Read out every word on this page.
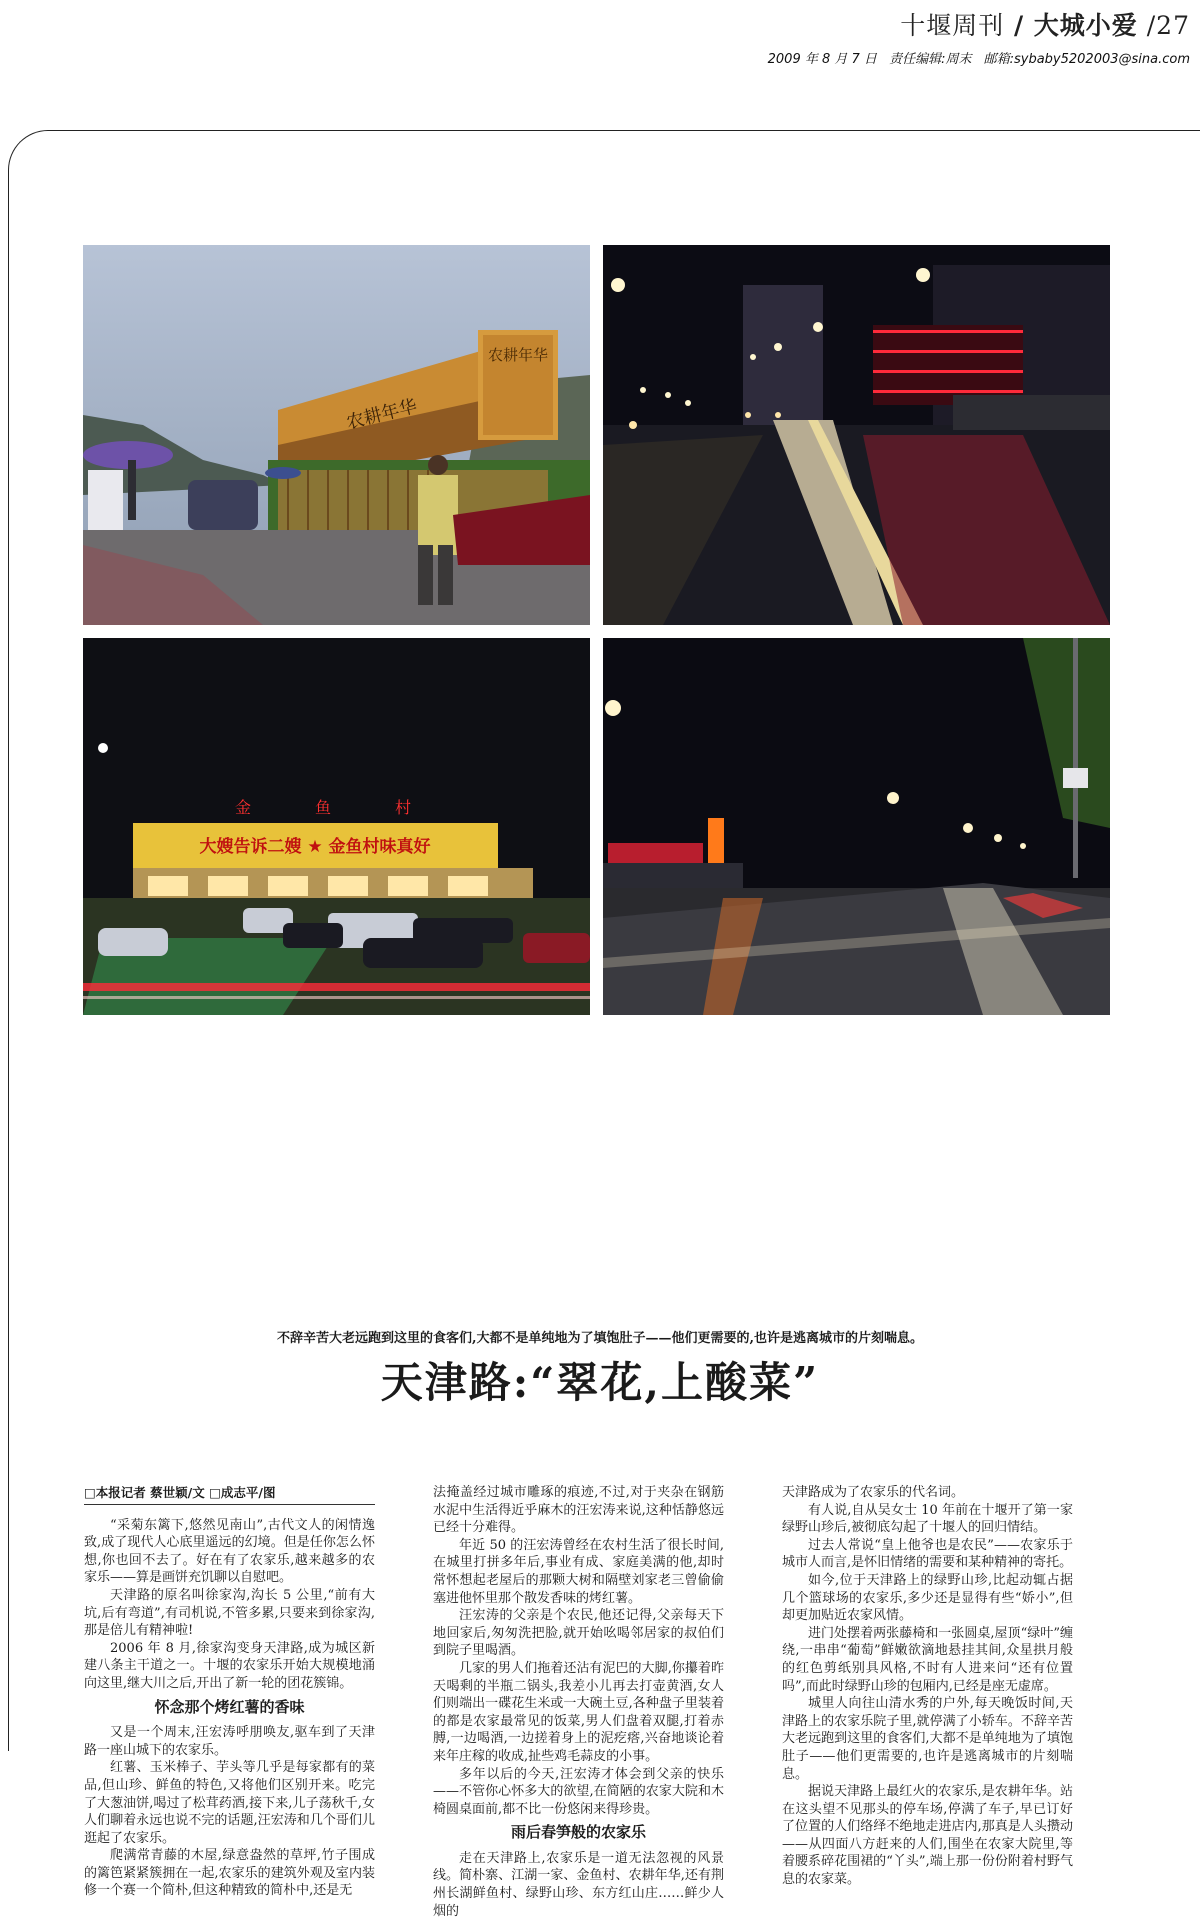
十堰周刊 / 大城小爱 /27
2009 年 8 月 7 日 责任编辑:周末 邮箱:sybaby5202003@sina.com
农耕年华
农耕年华
金	鱼	村
大嫂告诉二嫂 ★ 金鱼村味真好
不辞辛苦大老远跑到这里的食客们,大都不是单纯地为了填饱肚子——他们更需要的,也许是逃离城市的片刻喘息。
天津路:“翠花,上酸菜”
□本报记者 蔡世颖/文 □成志平/图

“采菊东篱下,悠然见南山”,古代文人的闲情逸致,成了现代人心底里遥远的幻境。但是任你怎么怀想,你也回不去了。好在有了农家乐,越来越多的农家乐——算是画饼充饥聊以自慰吧。

天津路的原名叫徐家沟,沟长 5 公里,“前有大坑,后有弯道”,有司机说,不管多累,只要来到徐家沟,那是倍儿有精神啦!

2006 年 8 月,徐家沟变身天津路,成为城区新建八条主干道之一。十堰的农家乐开始大规模地涌向这里,继大川之后,开出了新一轮的团花簇锦。

怀念那个烤红薯的香味

又是一个周末,汪宏涛呼朋唤友,驱车到了天津路一座山城下的农家乐。

红薯、玉米棒子、芋头等几乎是每家都有的菜品,但山珍、鲜鱼的特色,又将他们区别开来。吃完了大葱油饼,喝过了松茸药酒,接下来,儿子荡秋千,女人们聊着永远也说不完的话题,汪宏涛和几个哥们儿逛起了农家乐。

爬满常青藤的木屋,绿意盎然的草坪,竹子围成的篱笆紧紧簇拥在一起,农家乐的建筑外观及室内装修一个赛一个简朴,但这种精致的简朴中,还是无

法掩盖经过城市雕琢的痕迹,不过,对于夹杂在钢筋水泥中生活得近乎麻木的汪宏涛来说,这种恬静悠远已经十分难得。

年近 50 的汪宏涛曾经在农村生活了很长时间,在城里打拼多年后,事业有成、家庭美满的他,却时常怀想起老屋后的那颗大树和隔壁刘家老三曾偷偷塞进他怀里那个散发香味的烤红薯。

汪宏涛的父亲是个农民,他还记得,父亲每天下地回家后,匆匆洗把脸,就开始吆喝邻居家的叔伯们到院子里喝酒。

几家的男人们拖着还沾有泥巴的大脚,你攥着昨天喝剩的半瓶二锅头,我差小儿再去打壶黄酒,女人们则端出一碟花生米或一大碗土豆,各种盘子里装着的都是农家最常见的饭菜,男人们盘着双腿,打着赤膊,一边喝酒,一边搓着身上的泥疙瘩,兴奋地谈论着来年庄稼的收成,扯些鸡毛蒜皮的小事。

多年以后的今天,汪宏涛才体会到父亲的快乐——不管你心怀多大的欲望,在简陋的农家大院和木椅圆桌面前,都不比一份悠闲来得珍贵。

雨后春笋般的农家乐

走在天津路上,农家乐是一道无法忽视的风景线。简朴寨、江湖一家、金鱼村、农耕年华,还有荆州长湖鲜鱼村、绿野山珍、东方红山庄……鲜少人烟的

天津路成为了农家乐的代名词。

有人说,自从吴女士 10 年前在十堰开了第一家绿野山珍后,被彻底勾起了十堰人的回归情结。

过去人常说“皇上他爷也是农民”——农家乐于城市人而言,是怀旧情绪的需要和某种精神的寄托。

如今,位于天津路上的绿野山珍,比起动辄占据几个篮球场的农家乐,多少还是显得有些“娇小”,但却更加贴近农家风情。

进门处摆着两张藤椅和一张圆桌,屋顶“绿叶”缠绕,一串串“葡萄”鲜嫩欲滴地悬挂其间,众星拱月般的红色剪纸别具风格,不时有人进来问“还有位置吗”,而此时绿野山珍的包厢内,已经是座无虚席。

城里人向往山清水秀的户外,每天晚饭时间,天津路上的农家乐院子里,就停满了小轿车。不辞辛苦大老远跑到这里的食客们,大都不是单纯地为了填饱肚子——他们更需要的,也许是逃离城市的片刻喘息。

据说天津路上最红火的农家乐,是农耕年华。站在这头望不见那头的停车场,停满了车子,早已订好了位置的人们络绎不绝地走进店内,那真是人头攒动——从四面八方赶来的人们,围坐在农家大院里,等着腰系碎花围裙的“丫头”,端上那一份份附着村野气息的农家菜。
